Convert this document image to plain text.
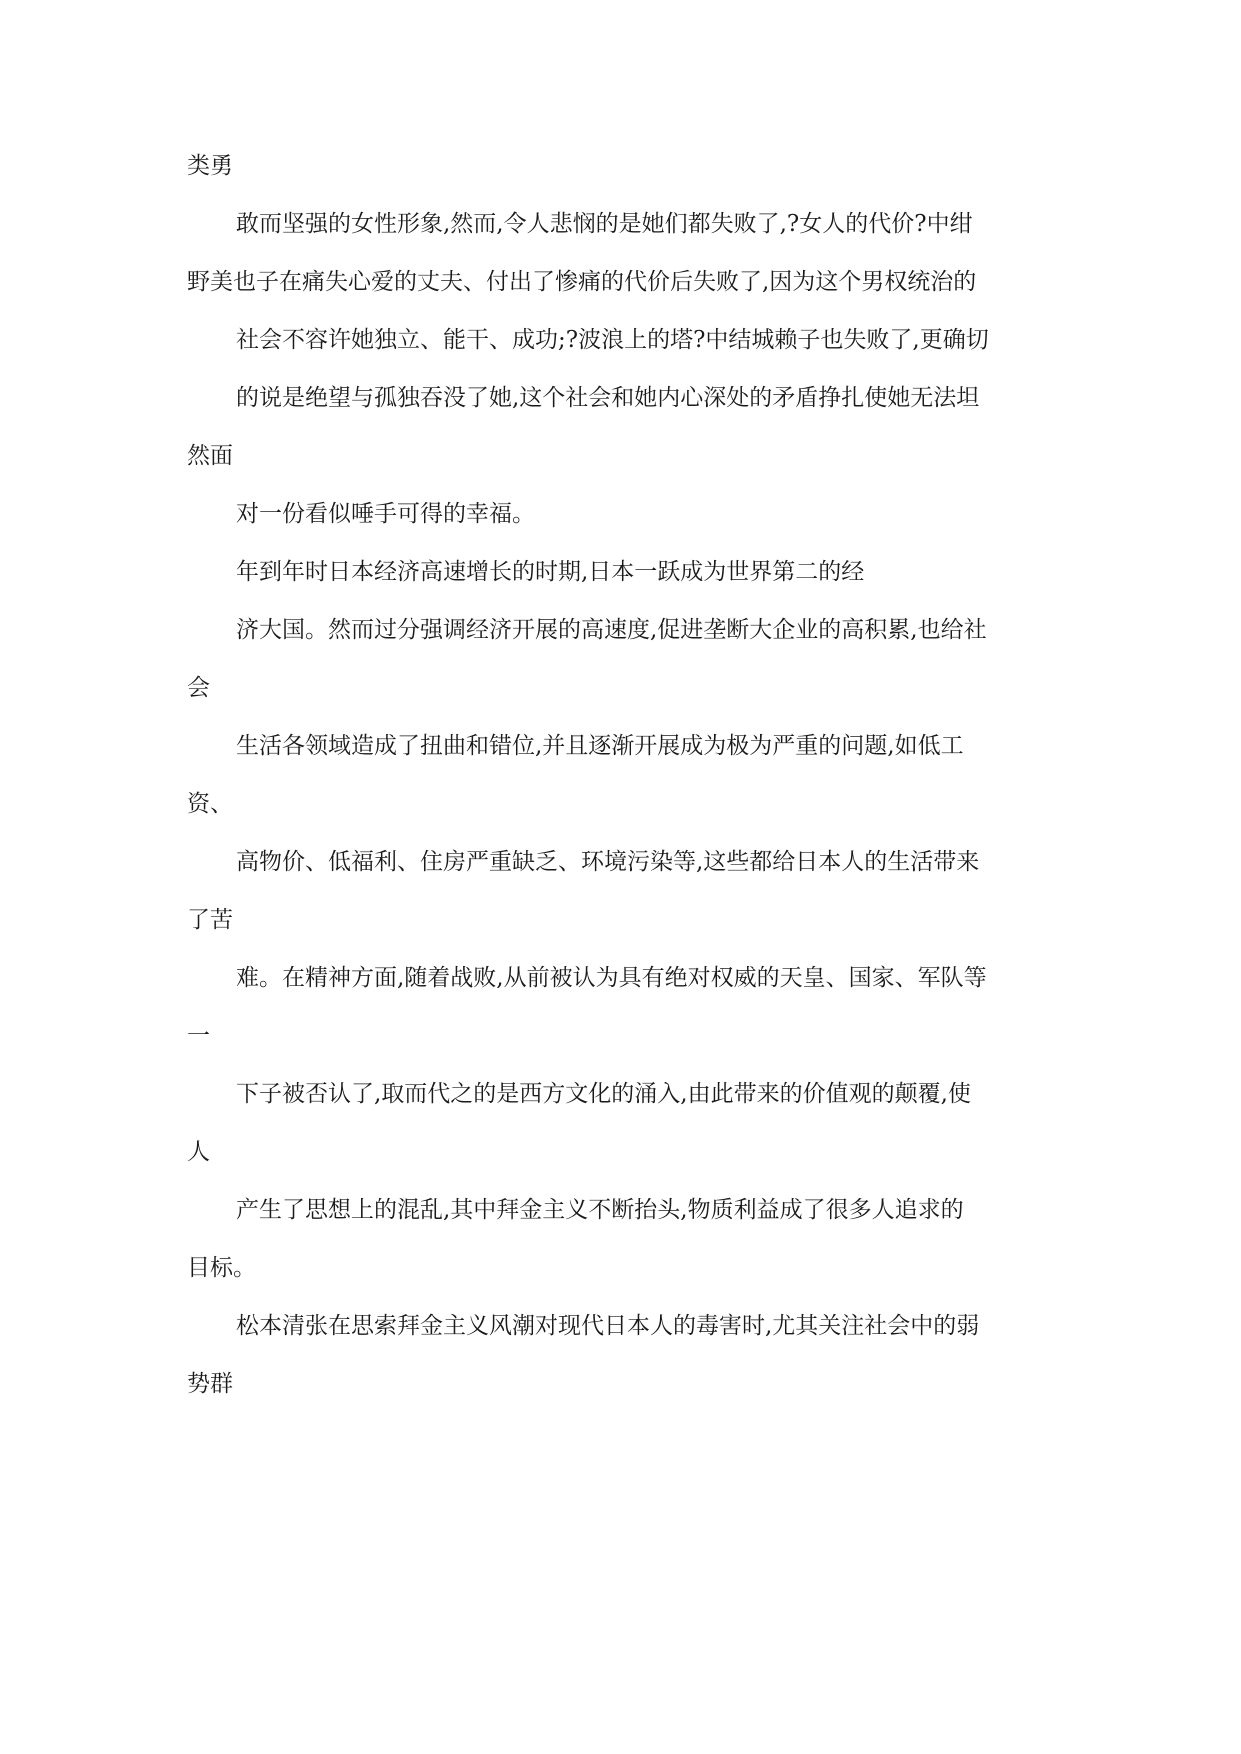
类勇
敢而坚强的女性形象,然而,令人悲悯的是她们都失败了,?女人的代价?中绀
野美也子在痛失心爱的丈夫、付出了惨痛的代价后失败了,因为这个男权统治的
社会不容许她独立、能干、成功;?波浪上的塔?中结城赖子也失败了,更确切
的说是绝望与孤独吞没了她,这个社会和她内心深处的矛盾挣扎使她无法坦
然面
对一份看似唾手可得的幸福。
年到年时日本经济高速增长的时期,日本一跃成为世界第二的经
济大国。然而过分强调经济开展的高速度,促进垄断大企业的高积累,也给社
会
生活各领域造成了扭曲和错位,并且逐渐开展成为极为严重的问题,如低工
资、
高物价、低福利、住房严重缺乏、环境污染等,这些都给日本人的生活带来
了苦
难。在精神方面,随着战败,从前被认为具有绝对权威的天皇、国家、军队等
一
下子被否认了,取而代之的是西方文化的涌入,由此带来的价值观的颠覆,使
人
产生了思想上的混乱,其中拜金主义不断抬头,物质利益成了很多人追求的
目标。
松本清张在思索拜金主义风潮对现代日本人的毒害时,尤其关注社会中的弱
势群
